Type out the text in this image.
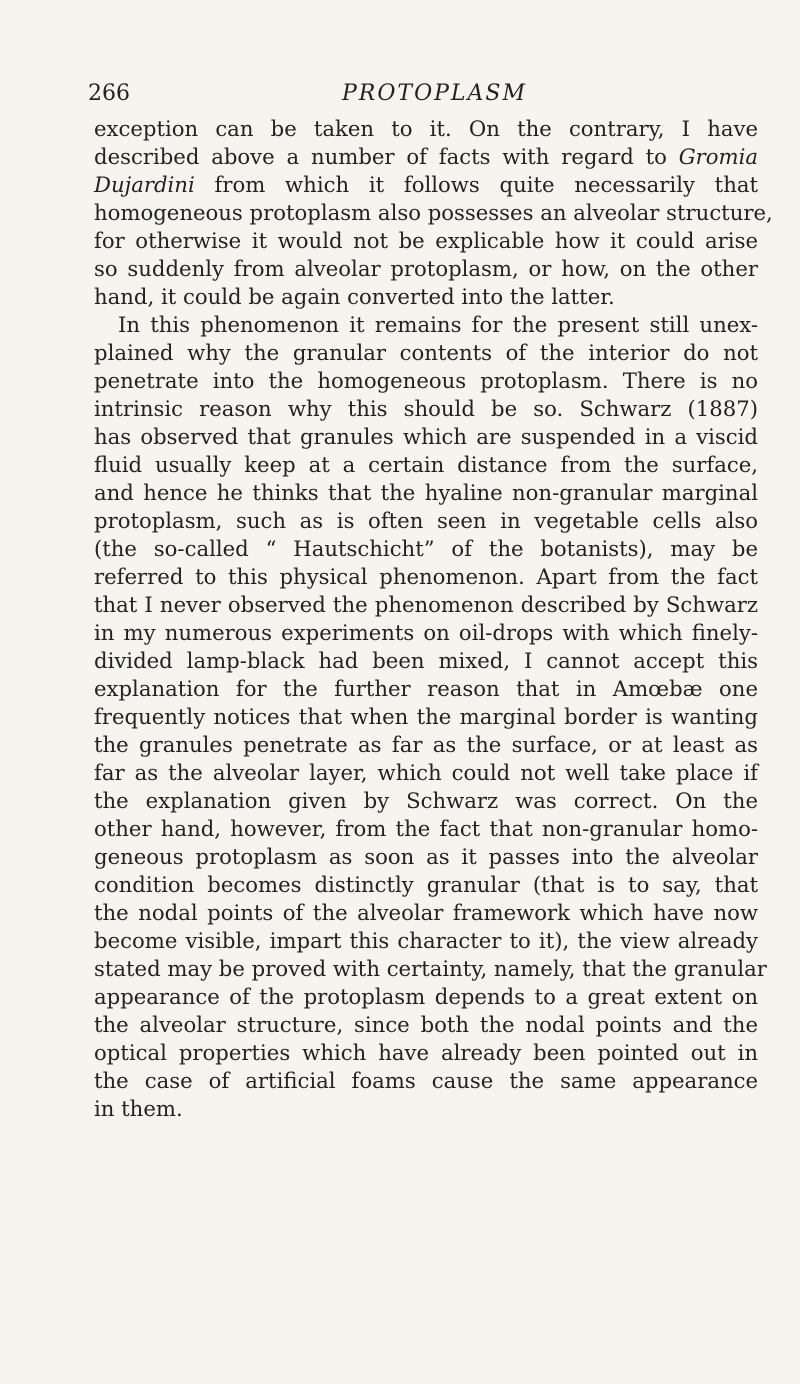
266	PROTOPLASM
exception can be taken to it. On the contrary, I have
described above a number of facts with regard to Gromia
Dujardini from which it follows quite necessarily that
homogeneous protoplasm also possesses an alveolar structure,
for otherwise it would not be explicable how it could arise
so suddenly from alveolar protoplasm, or how, on the other
hand, it could be again converted into the latter.
In this phenomenon it remains for the present still unex-
plained why the granular contents of the interior do not
penetrate into the homogeneous protoplasm. There is no
intrinsic reason why this should be so. Schwarz (1887)
has observed that granules which are suspended in a viscid
fluid usually keep at a certain distance from the surface,
and hence he thinks that the hyaline non-granular marginal
protoplasm, such as is often seen in vegetable cells also
(the so-called “ Hautschicht” of the botanists), may be
referred to this physical phenomenon. Apart from the fact
that I never observed the phenomenon described by Schwarz
in my numerous experiments on oil-drops with which finely-
divided lamp-black had been mixed, I cannot accept this
explanation for the further reason that in Amœbæ one
frequently notices that when the marginal border is wanting
the granules penetrate as far as the surface, or at least as
far as the alveolar layer, which could not well take place if
the explanation given by Schwarz was correct. On the
other hand, however, from the fact that non-granular homo-
geneous protoplasm as soon as it passes into the alveolar
condition becomes distinctly granular (that is to say, that
the nodal points of the alveolar framework which have now
become visible, impart this character to it), the view already
stated may be proved with certainty, namely, that the granular
appearance of the protoplasm depends to a great extent on
the alveolar structure, since both the nodal points and the
optical properties which have already been pointed out in
the case of artificial foams cause the same appearance
in them.
